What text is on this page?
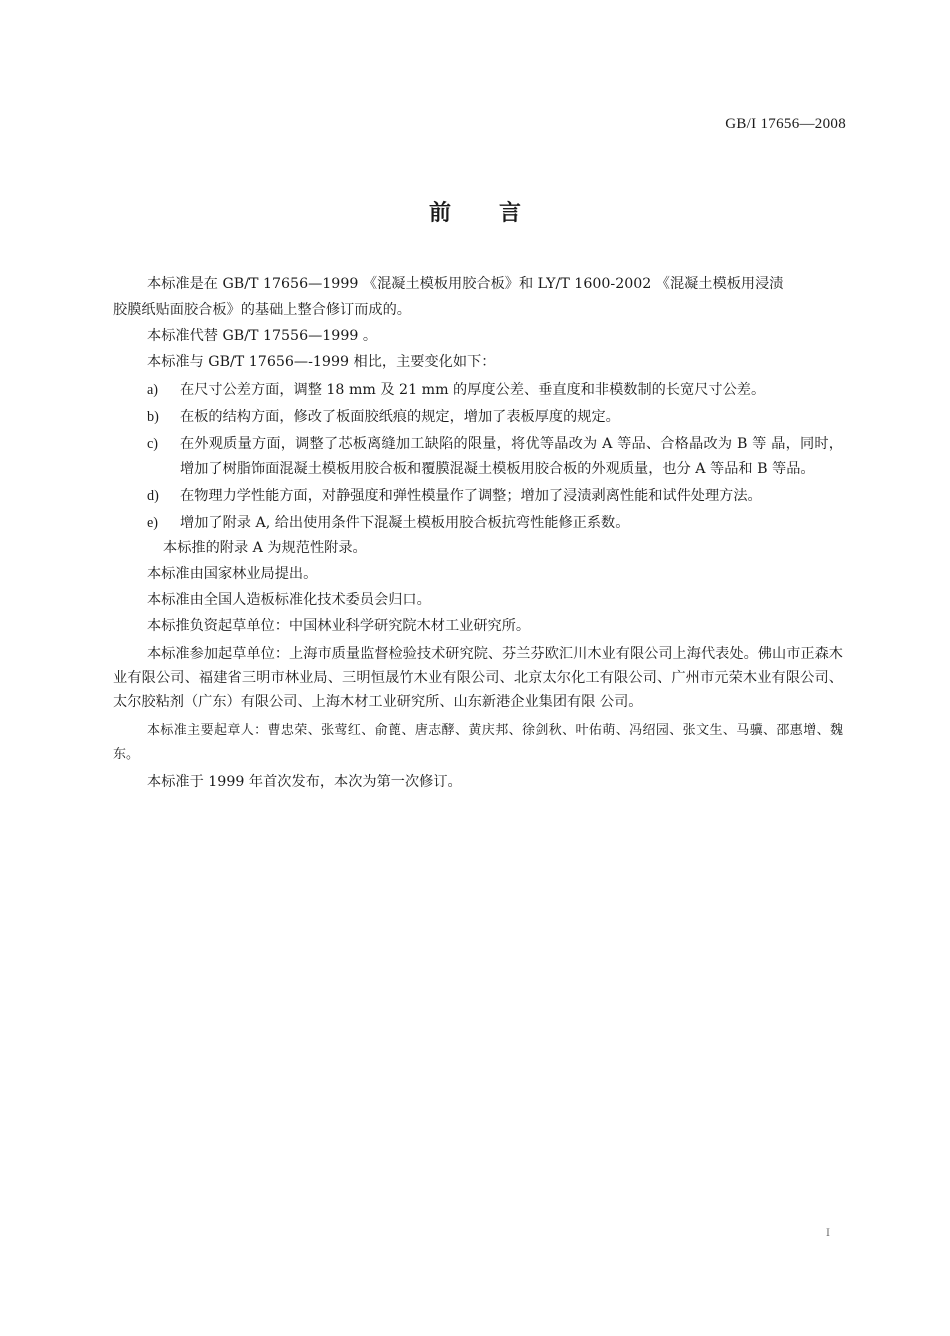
GB/I 17656—2008
前言
本标准是在 GB/T 17656—1999 《混凝土模板用胶合板》和 LY/T 1600-2002 《混凝土模板用浸渍
胶膜纸贴面胶合板》的基础上整合修订而成的。
本标准代替 GB/T 17556—1999 。
本标准与 GB/T 17656—-1999 相比，主要变化如下：
a)	在尺寸公差方面，调整 18 mm 及 21 mm 的厚度公差、垂直度和非模数制的长宽尺寸公差。
b)	在板的结构方面，修改了板面胶纸痕的规定，增加了表板厚度的规定。
c)	在外观质量方面，调整了芯板离缝加工缺陷的限量，将优等晶改为 A 等品、合格晶改为 B 等 晶，同时，增加了树脂饰面混凝土模板用胶合板和覆膜混凝土模板用胶合板的外观质量，也分 A 等品和 B 等品。
d)	在物理力学性能方面，对静强度和弹性模量作了调整；增加了浸渍剥离性能和试件处理方法。
e)	增加了附录 A, 给出使用条件下混凝土模板用胶合板抗弯性能修正系数。
本标推的附录 A 为规范性附录。
本标准由国家林业局提出。
本标准由全国人造板标准化技术委员会归口。
本标推负资起草单位：中国林业科学研究院木材工业研究所。
本标准参加起草单位：上海市质量监督检验技术研究院、芬兰芬欧汇川木业有限公司上海代表处。佛山市正森木业有限公司、福建省三明市林业局、三明恒晟竹木业有限公司、北京太尔化工有限公司、广州市元荣木业有限公司、太尔胶粘剂（广东）有限公司、上海木材工业研究所、山东新港企业集团有限 公司。
本标准主要起章人：曹忠荣、张莺红、俞蓖、唐志酵、黄庆邦、徐剑秋、叶佑萌、冯绍园、张文生、马骥、邵惠增、魏东。
本标准于 1999 年首次发布，本次为第一次修订。
I
